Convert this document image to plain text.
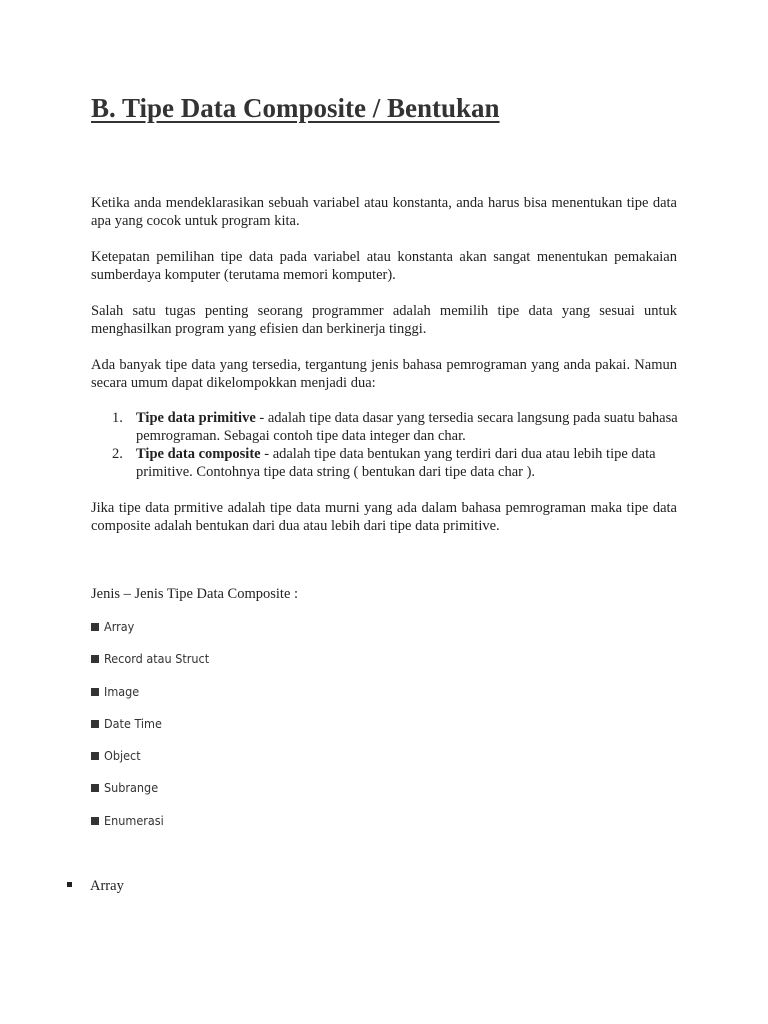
B. Tipe Data Composite / Bentukan

Ketika anda mendeklarasikan sebuah variabel atau konstanta, anda harus bisa menentukan tipe data apa yang cocok untuk program kita.

Ketepatan pemilihan tipe data pada variabel atau konstanta akan sangat menentukan pemakaian sumberdaya komputer (terutama memori komputer).

Salah satu tugas penting seorang programmer adalah memilih tipe data yang sesuai untuk menghasilkan program yang efisien dan berkinerja tinggi.

Ada banyak tipe data yang tersedia, tergantung jenis bahasa pemrograman yang anda pakai. Namun secara umum dapat dikelompokkan menjadi dua:

1. Tipe data primitive - adalah tipe data dasar yang tersedia secara langsung pada suatu bahasa pemrograman. Sebagai contoh tipe data integer dan char.
2. Tipe data composite - adalah tipe data bentukan yang terdiri dari dua atau lebih tipe data primitive. Contohnya tipe data string ( bentukan dari tipe data char ).

Jika tipe data prmitive adalah tipe data murni yang ada dalam bahasa pemrograman maka tipe data composite adalah bentukan dari dua atau lebih dari tipe data primitive.

Jenis – Jenis Tipe Data Composite :

Array
Record atau Struct
Image
Date Time
Object
Subrange
Enumerasi

Array
